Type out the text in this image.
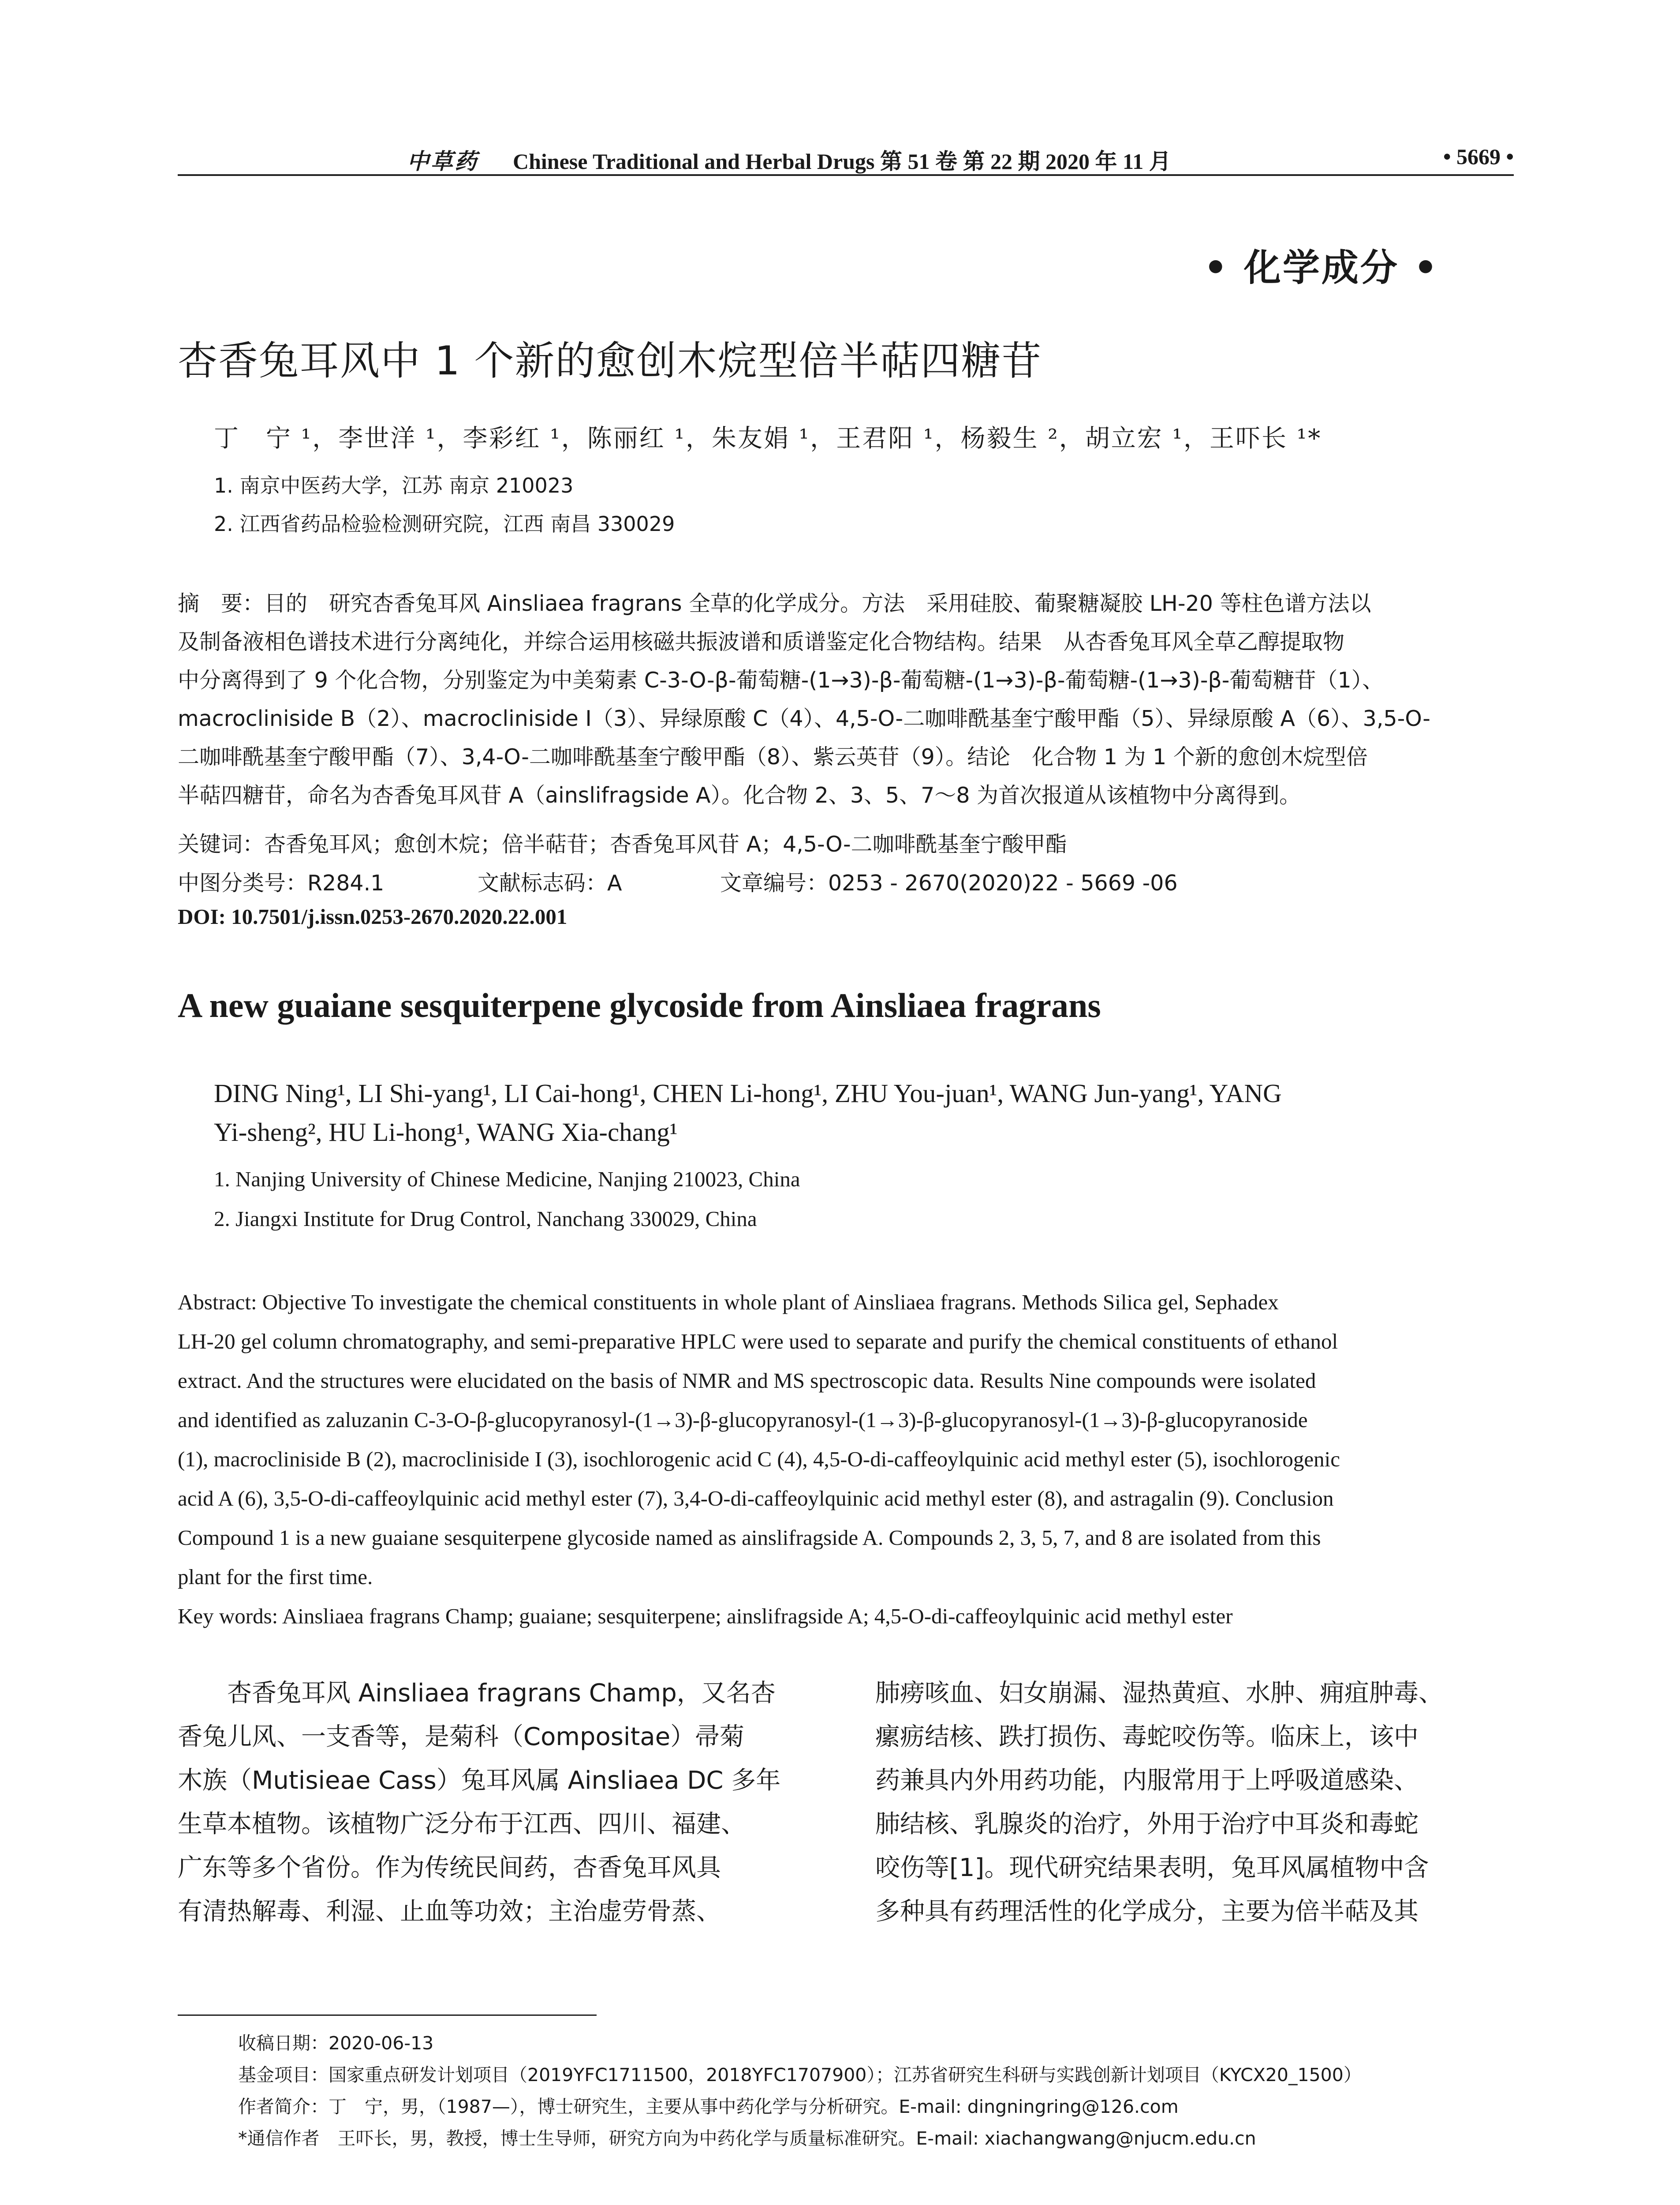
中草药 Chinese Traditional and Herbal Drugs 第 51 卷 第 22 期 2020 年 11 月	• 5669 •
• 化学成分 •
杏香兔耳风中 1 个新的愈创木烷型倍半萜四糖苷
丁　宁 ¹，李世洋 ¹，李彩红 ¹，陈丽红 ¹，朱友娟 ¹，王君阳 ¹，杨毅生 ²，胡立宏 ¹，王吓长 ¹*
1. 南京中医药大学，江苏 南京 210023
2. 江西省药品检验检测研究院，江西 南昌 330029
摘　要：目的　研究杏香兔耳风 Ainsliaea fragrans 全草的化学成分。方法　采用硅胶、葡聚糖凝胶 LH-20 等柱色谱方法以
及制备液相色谱技术进行分离纯化，并综合运用核磁共振波谱和质谱鉴定化合物结构。结果　从杏香兔耳风全草乙醇提取物
中分离得到了 9 个化合物，分别鉴定为中美菊素 C-3-O-β-葡萄糖-(1→3)-β-葡萄糖-(1→3)-β-葡萄糖-(1→3)-β-葡萄糖苷（1）、
macrocliniside B（2）、macrocliniside I（3）、异绿原酸 C（4）、4,5-O-二咖啡酰基奎宁酸甲酯（5）、异绿原酸 A（6）、3,5-O-
二咖啡酰基奎宁酸甲酯（7）、3,4-O-二咖啡酰基奎宁酸甲酯（8）、紫云英苷（9）。结论　化合物 1 为 1 个新的愈创木烷型倍
半萜四糖苷，命名为杏香兔耳风苷 A（ainslifragside A）。化合物 2、3、5、7～8 为首次报道从该植物中分离得到。
关键词：杏香兔耳风；愈创木烷；倍半萜苷；杏香兔耳风苷 A；4,5-O-二咖啡酰基奎宁酸甲酯
中图分类号：R284.1	文献标志码：A	文章编号：0253 - 2670(2020)22 - 5669 -06
DOI: 10.7501/j.issn.0253-2670.2020.22.001
A new guaiane sesquiterpene glycoside from Ainsliaea fragrans
DING Ning¹, LI Shi-yang¹, LI Cai-hong¹, CHEN Li-hong¹, ZHU You-juan¹, WANG Jun-yang¹, YANG
Yi-sheng², HU Li-hong¹, WANG Xia-chang¹
1. Nanjing University of Chinese Medicine, Nanjing 210023, China
2. Jiangxi Institute for Drug Control, Nanchang 330029, China
Abstract: Objective To investigate the chemical constituents in whole plant of Ainsliaea fragrans. Methods Silica gel, Sephadex
LH-20 gel column chromatography, and semi-preparative HPLC were used to separate and purify the chemical constituents of ethanol
extract. And the structures were elucidated on the basis of NMR and MS spectroscopic data. Results Nine compounds were isolated
and identified as zaluzanin C-3-O-β-glucopyranosyl-(1→3)-β-glucopyranosyl-(1→3)-β-glucopyranosyl-(1→3)-β-glucopyranoside
(1), macrocliniside B (2), macrocliniside I (3), isochlorogenic acid C (4), 4,5-O-di-caffeoylquinic acid methyl ester (5), isochlorogenic
acid A (6), 3,5-O-di-caffeoylquinic acid methyl ester (7), 3,4-O-di-caffeoylquinic acid methyl ester (8), and astragalin (9). Conclusion
Compound 1 is a new guaiane sesquiterpene glycoside named as ainslifragside A. Compounds 2, 3, 5, 7, and 8 are isolated from this
plant for the first time.
Key words: Ainsliaea fragrans Champ; guaiane; sesquiterpene; ainslifragside A; 4,5-O-di-caffeoylquinic acid methyl ester
　　杏香兔耳风 Ainsliaea fragrans Champ，又名杏
香兔儿风、一支香等，是菊科（Compositae）帚菊
木族（Mutisieae Cass）兔耳风属 Ainsliaea DC 多年
生草本植物。该植物广泛分布于江西、四川、福建、
广东等多个省份。作为传统民间药，杏香兔耳风具
有清热解毒、利湿、止血等功效；主治虚劳骨蒸、
肺痨咳血、妇女崩漏、湿热黄疸、水肿、痈疽肿毒、
瘰疬结核、跌打损伤、毒蛇咬伤等。临床上，该中
药兼具内外用药功能，内服常用于上呼吸道感染、
肺结核、乳腺炎的治疗，外用于治疗中耳炎和毒蛇
咬伤等[1]。现代研究结果表明，兔耳风属植物中含
多种具有药理活性的化学成分，主要为倍半萜及其
收稿日期：2020-06-13
基金项目：国家重点研发计划项目（2019YFC1711500，2018YFC1707900）；江苏省研究生科研与实践创新计划项目（KYCX20_1500）
作者简介：丁　宁，男，（1987—），博士研究生，主要从事中药化学与分析研究。E-mail: dingningring@126.com
*通信作者　王吓长，男，教授，博士生导师，研究方向为中药化学与质量标准研究。E-mail: xiachangwang@njucm.edu.cn
